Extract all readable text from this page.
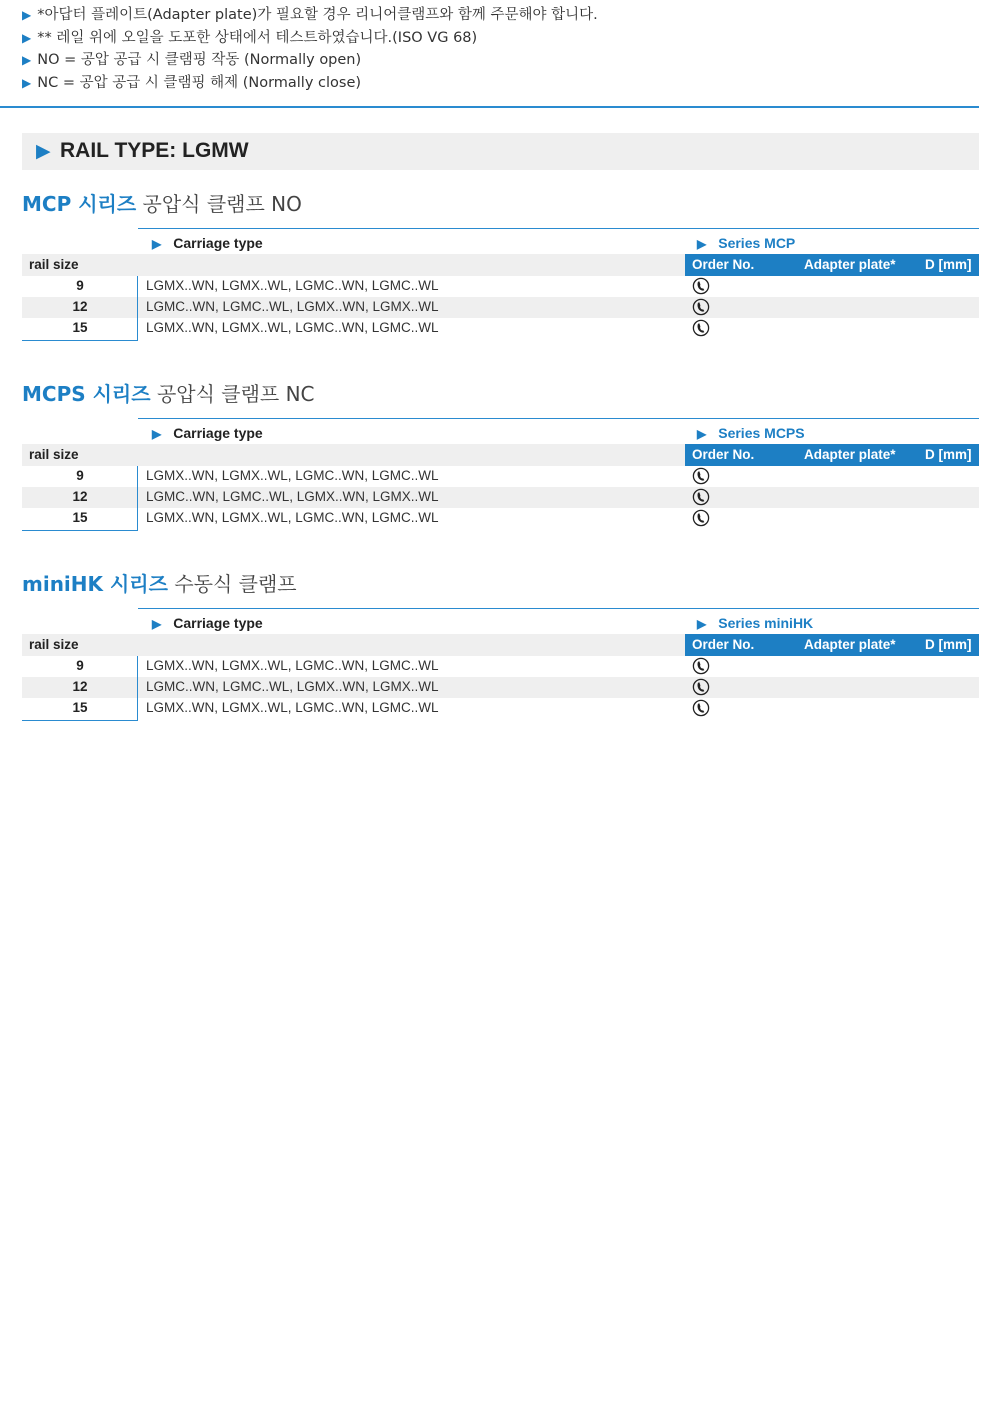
▶ *아답터 플레이트(Adapter plate)가 필요할 경우 리니어클램프와 함께 주문해야 합니다.
▶ ** 레일 위에 오일을 도포한 상태에서 테스트하였습니다.(ISO VG 68)
▶ NO = 공압 공급 시 클램핑 작동 (Normally open)
▶ NC = 공압 공급 시 클램핑 해제 (Normally close)
▶ RAIL TYPE: LGMW
MCP 시리즈 공압식 클램프 NO
▶ Carriage type	▶ Series MCP
rail size	Order No.	Adapter plate* D [mm]
9	LGMX..WN, LGMX..WL, LGMC..WN, LGMC..WL
12	LGMC..WN, LGMC..WL, LGMX..WN, LGMX..WL
15	LGMX..WN, LGMX..WL, LGMC..WN, LGMC..WL
MCPS 시리즈 공압식 클램프 NC
▶ Carriage type	▶ Series MCPS
rail size	Order No.	Adapter plate* D [mm]
9	LGMX..WN, LGMX..WL, LGMC..WN, LGMC..WL
12	LGMC..WN, LGMC..WL, LGMX..WN, LGMX..WL
15	LGMX..WN, LGMX..WL, LGMC..WN, LGMC..WL
miniHK 시리즈 수동식 클램프
▶ Carriage type	▶ Series miniHK
rail size	Order No.	Adapter plate* D [mm]
9	LGMX..WN, LGMX..WL, LGMC..WN, LGMC..WL
12	LGMC..WN, LGMC..WL, LGMX..WN, LGMX..WL
15	LGMX..WN, LGMX..WL, LGMC..WN, LGMC..WL
